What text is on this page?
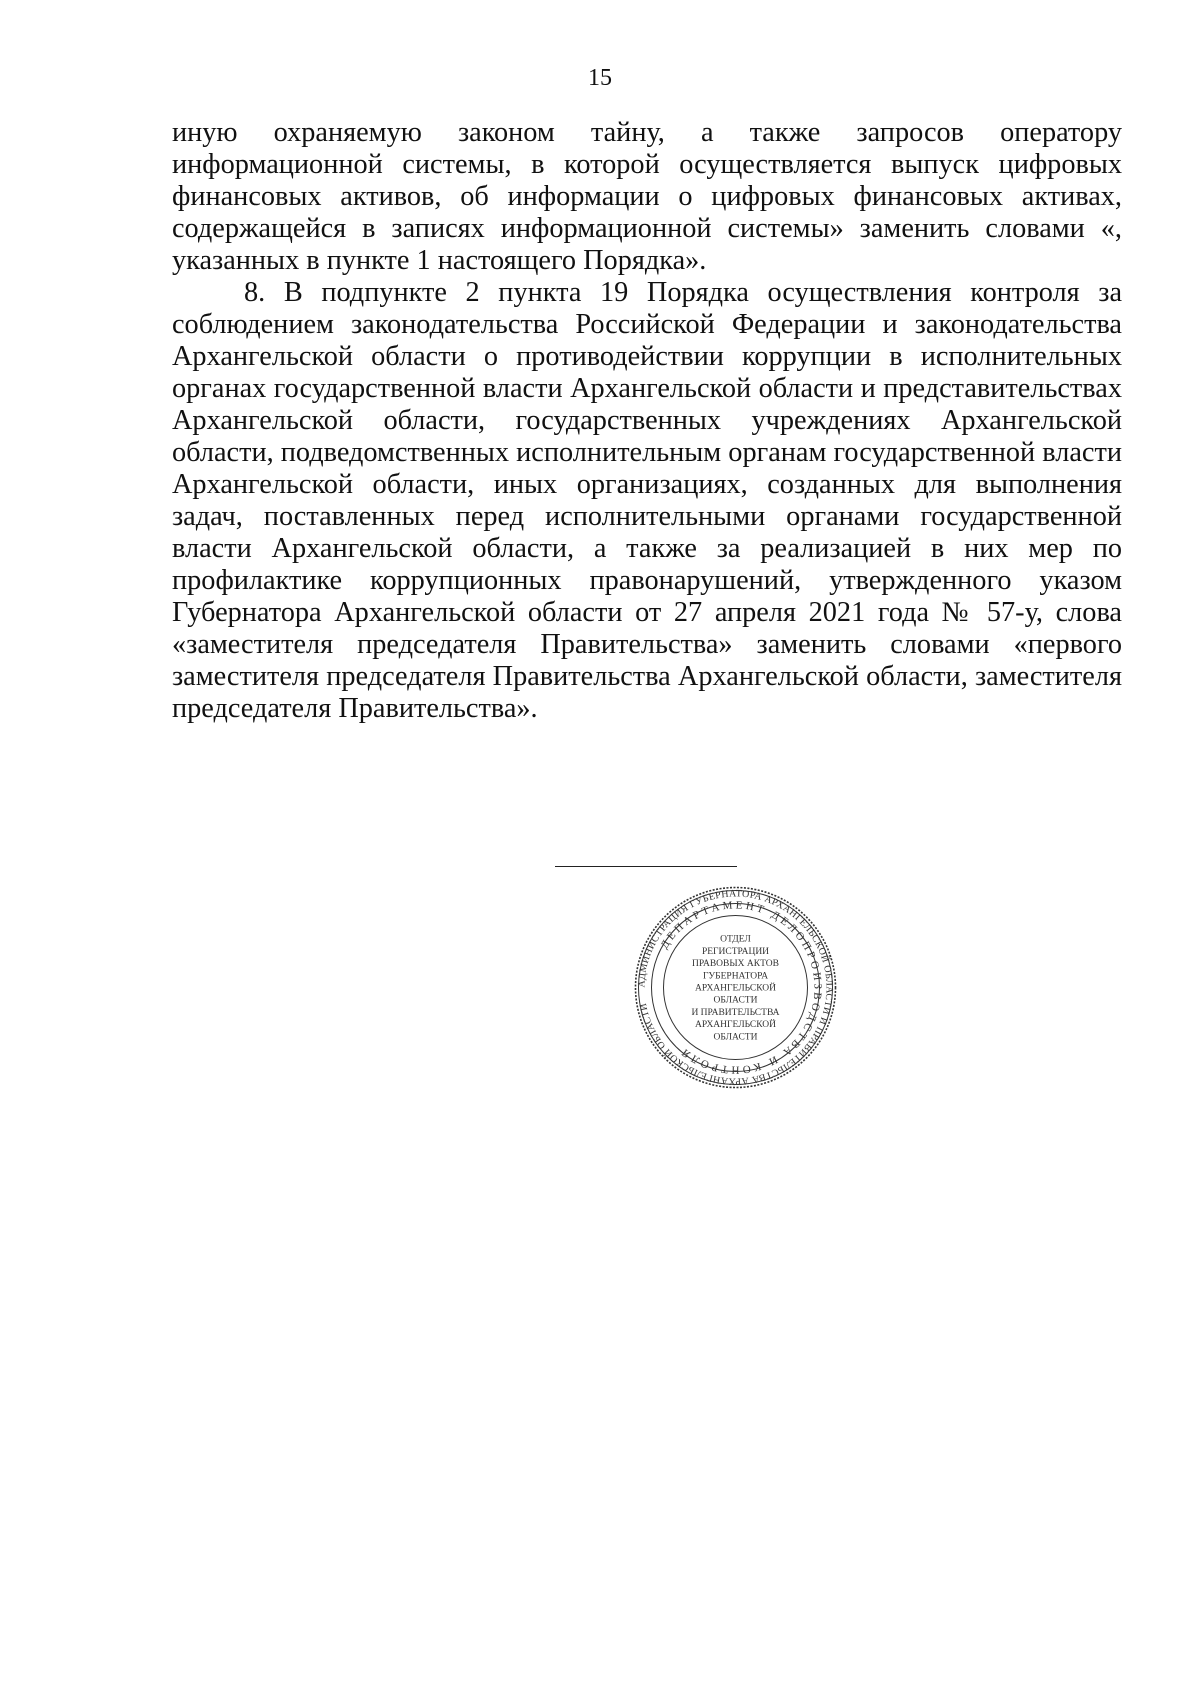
15

иную охраняемую законом тайну, а также запросов оператору информационной системы, в которой осуществляется выпуск цифровых финансовых активов, об информации о цифровых финансовых активах, содержащейся в записях информационной системы» заменить словами «, указанных в пункте 1 настоящего Порядка».

8. В подпункте 2 пункта 19 Порядка осуществления контроля за соблюдением законодательства Российской Федерации и законодательства Архангельской области о противодействии коррупции в исполнительных органах государственной власти Архангельской области и представительствах Архангельской области, государственных учреждениях Архангельской области, подведомственных исполнительным органам государственной власти Архангельской области, иных организациях, созданных для выполнения задач, поставленных перед исполнительными органами государственной власти Архангельской области, а также за реализацией в них мер по профилактике коррупционных правонарушений, утвержденного указом Губернатора Архангельской области от 27 апреля 2021 года № 57-у, слова «заместителя председателя Правительства» заменить словами «первого заместителя председателя Правительства Архангельской области, заместителя председателя Правительства».

АДМИНИСТРАЦИЯ ГУБЕРНАТОРА АРХАНГЕЛЬСКОЙ ОБЛАСТИ И ПРАВИТЕЛЬСТВА АРХАНГЕЛЬСКОЙ ОБЛАСТИ
ДЕПАРТАМЕНТ ДЕЛОПРОИЗВОДСТВА И КОНТРОЛЯ
ОТДЕЛ
РЕГИСТРАЦИИ
ПРАВОВЫХ АКТОВ
ГУБЕРНАТОРА
АРХАНГЕЛЬСКОЙ
ОБЛАСТИ
И ПРАВИТЕЛЬСТВА
АРХАНГЕЛЬСКОЙ
ОБЛАСТИ
